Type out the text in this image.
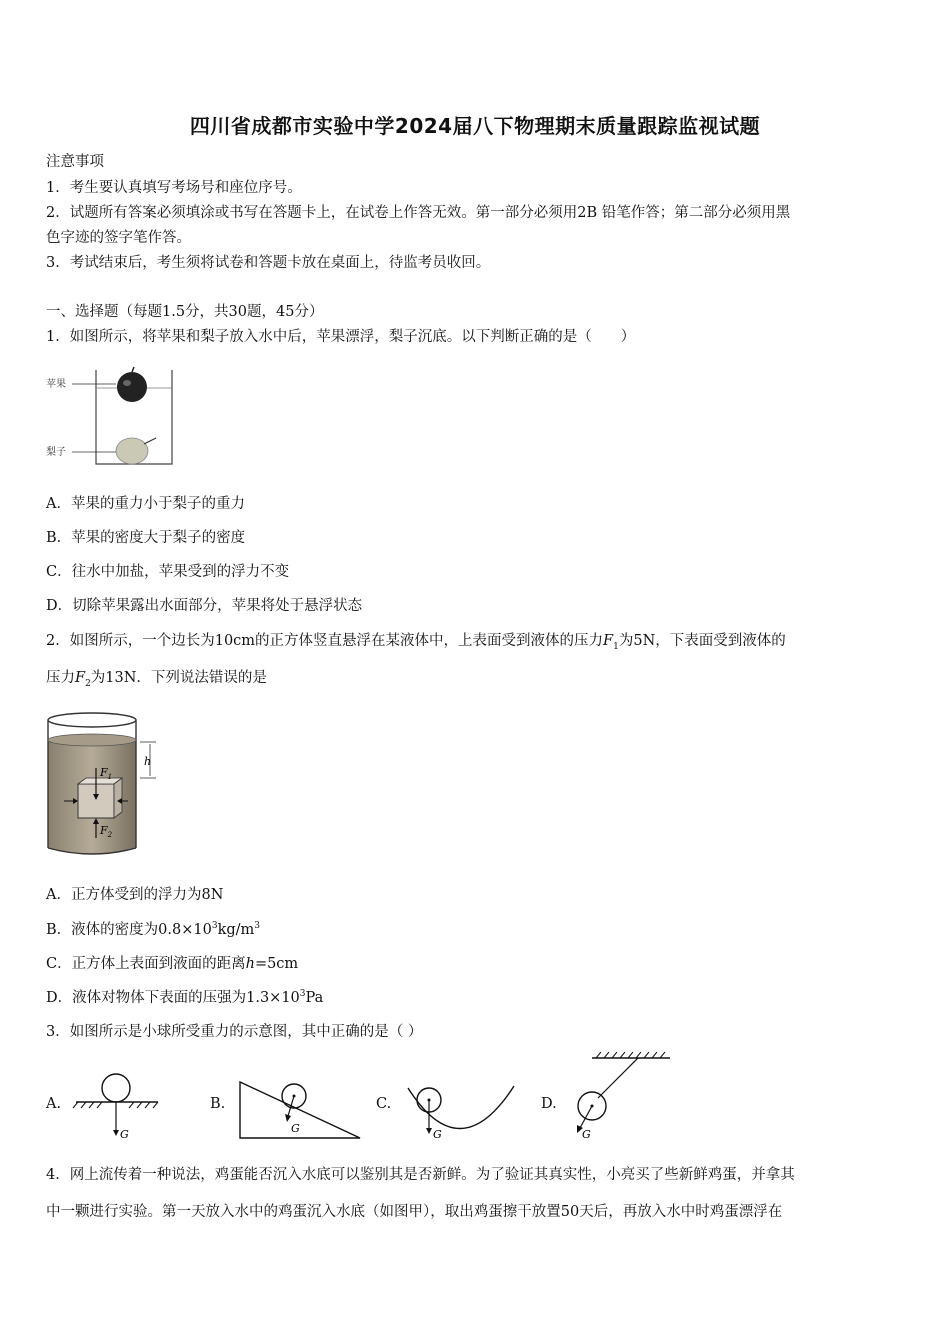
四川省成都市实验中学2024届八下物理期末质量跟踪监视试题
注意事项
1．考生要认真填写考场号和座位序号。
2．试题所有答案必须填涂或书写在答题卡上，在试卷上作答无效。第一部分必须用2B 铅笔作答；第二部分必须用黑
色字迹的签字笔作答。
3．考试结束后，考生须将试卷和答题卡放在桌面上，待监考员收回。
一、选择题（每题1.5分，共30题，45分）
1．如图所示，将苹果和梨子放入水中后，苹果漂浮，梨子沉底。以下判断正确的是（　　）
苹果
梨子
A．苹果的重力小于梨子的重力
B．苹果的密度大于梨子的密度
C．往水中加盐，苹果受到的浮力不变
D．切除苹果露出水面部分，苹果将处于悬浮状态
2．如图所示，一个边长为10cm的正方体竖直悬浮在某液体中，上表面受到液体的压力$F_1$为5N，下表面受到液体的
压力$F_2$为13N．下列说法错误的是
h
$F_1$
$F_2$
A．正方体受到的浮力为8N
B．液体的密度为$0.8\times 10^3kg/m^3$
C．正方体上表面到液面的距离h=5cm
D．液体对物体下表面的压强为$1.3\times 10^3Pa$
3．如图所示是小球所受重力的示意图，其中正确的是（ ）
A.
G
B.
G
C.
G
D.
G
4．网上流传着一种说法，鸡蛋能否沉入水底可以鉴别其是否新鲜。为了验证其真实性，小亮买了些新鲜鸡蛋，并拿其
中一颗进行实验。第一天放入水中的鸡蛋沉入水底（如图甲），取出鸡蛋擦干放置50天后，再放入水中时鸡蛋漂浮在
